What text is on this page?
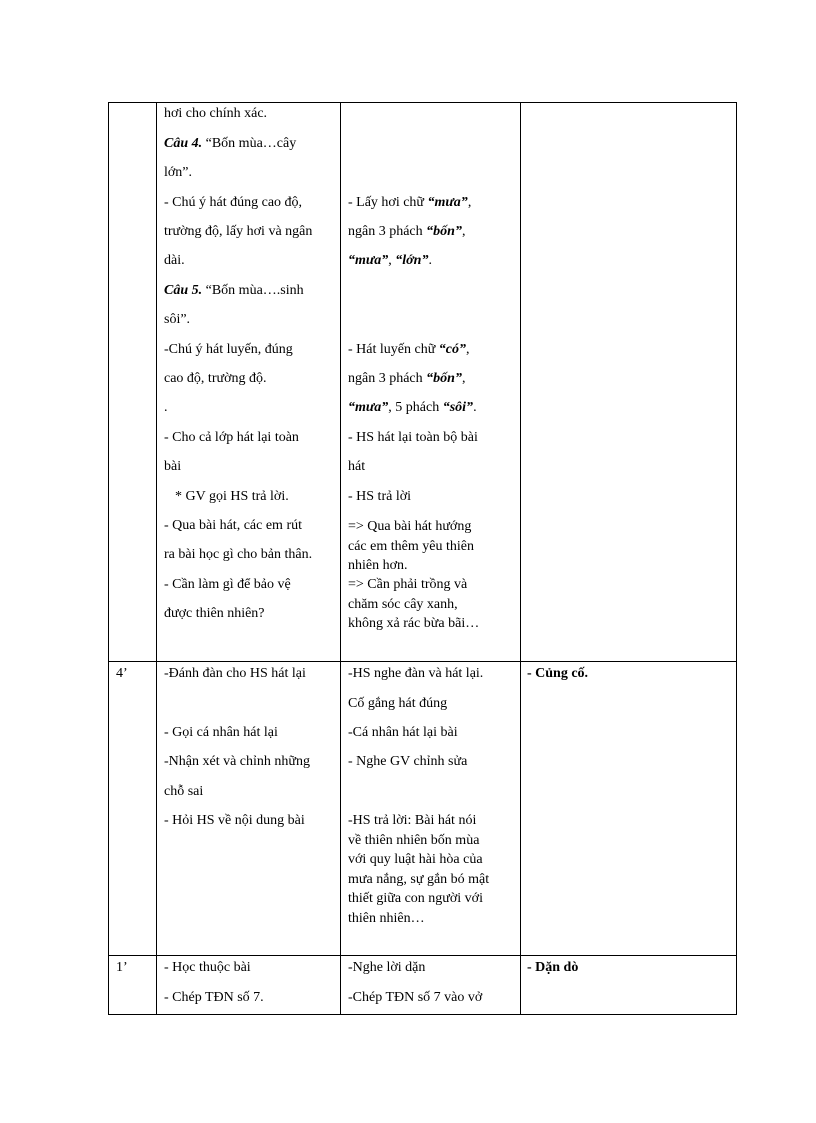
hơi cho chính xác.
Câu 4. “Bốn mùa…cây
lớn”.
- Chú ý hát đúng cao độ,
trường độ, lấy hơi và ngân
dài.
Câu 5. “Bốn mùa….sinh
sôi”.
-Chú ý hát luyến, đúng
cao độ, trường độ.
.
- Cho cả lớp hát lại toàn
bài
* GV gọi HS trả lời.
- Qua bài hát, các em rút
ra bài học gì cho bản thân.
- Cần làm gì để bảo vệ
được thiên nhiên?
- Lấy hơi chữ “mưa”,
ngân 3 phách “bốn”,
“mưa”, “lớn”.
- Hát luyến chữ “có”,
ngân 3 phách “bốn”,
“mưa”, 5 phách “sôi”.
- HS hát lại toàn bộ bài
hát
- HS trả lời
=> Qua bài hát hướng
các em thêm yêu thiên
nhiên hơn.
=> Cần phải trồng và
chăm sóc cây xanh,
không xả rác bừa bãi…
4’	-Đánh đàn cho HS hát lại
- Gọi cá nhân hát lại
-Nhận xét và chỉnh những
chỗ sai
- Hỏi HS về nội dung bài
-HS nghe đàn và hát lại.
Cố gắng hát đúng
-Cá nhân hát lại bài
- Nghe GV chỉnh sửa
-HS trả lời: Bài hát nói
về thiên nhiên bốn mùa
với quy luật hài hòa của
mưa nắng, sự gắn bó mật
thiết giữa con người với
thiên nhiên…
- Củng cố.
1’	- Học thuộc bài
- Chép TĐN số 7.
-Nghe lời dặn
-Chép TĐN số 7 vào vở
- Dặn dò
